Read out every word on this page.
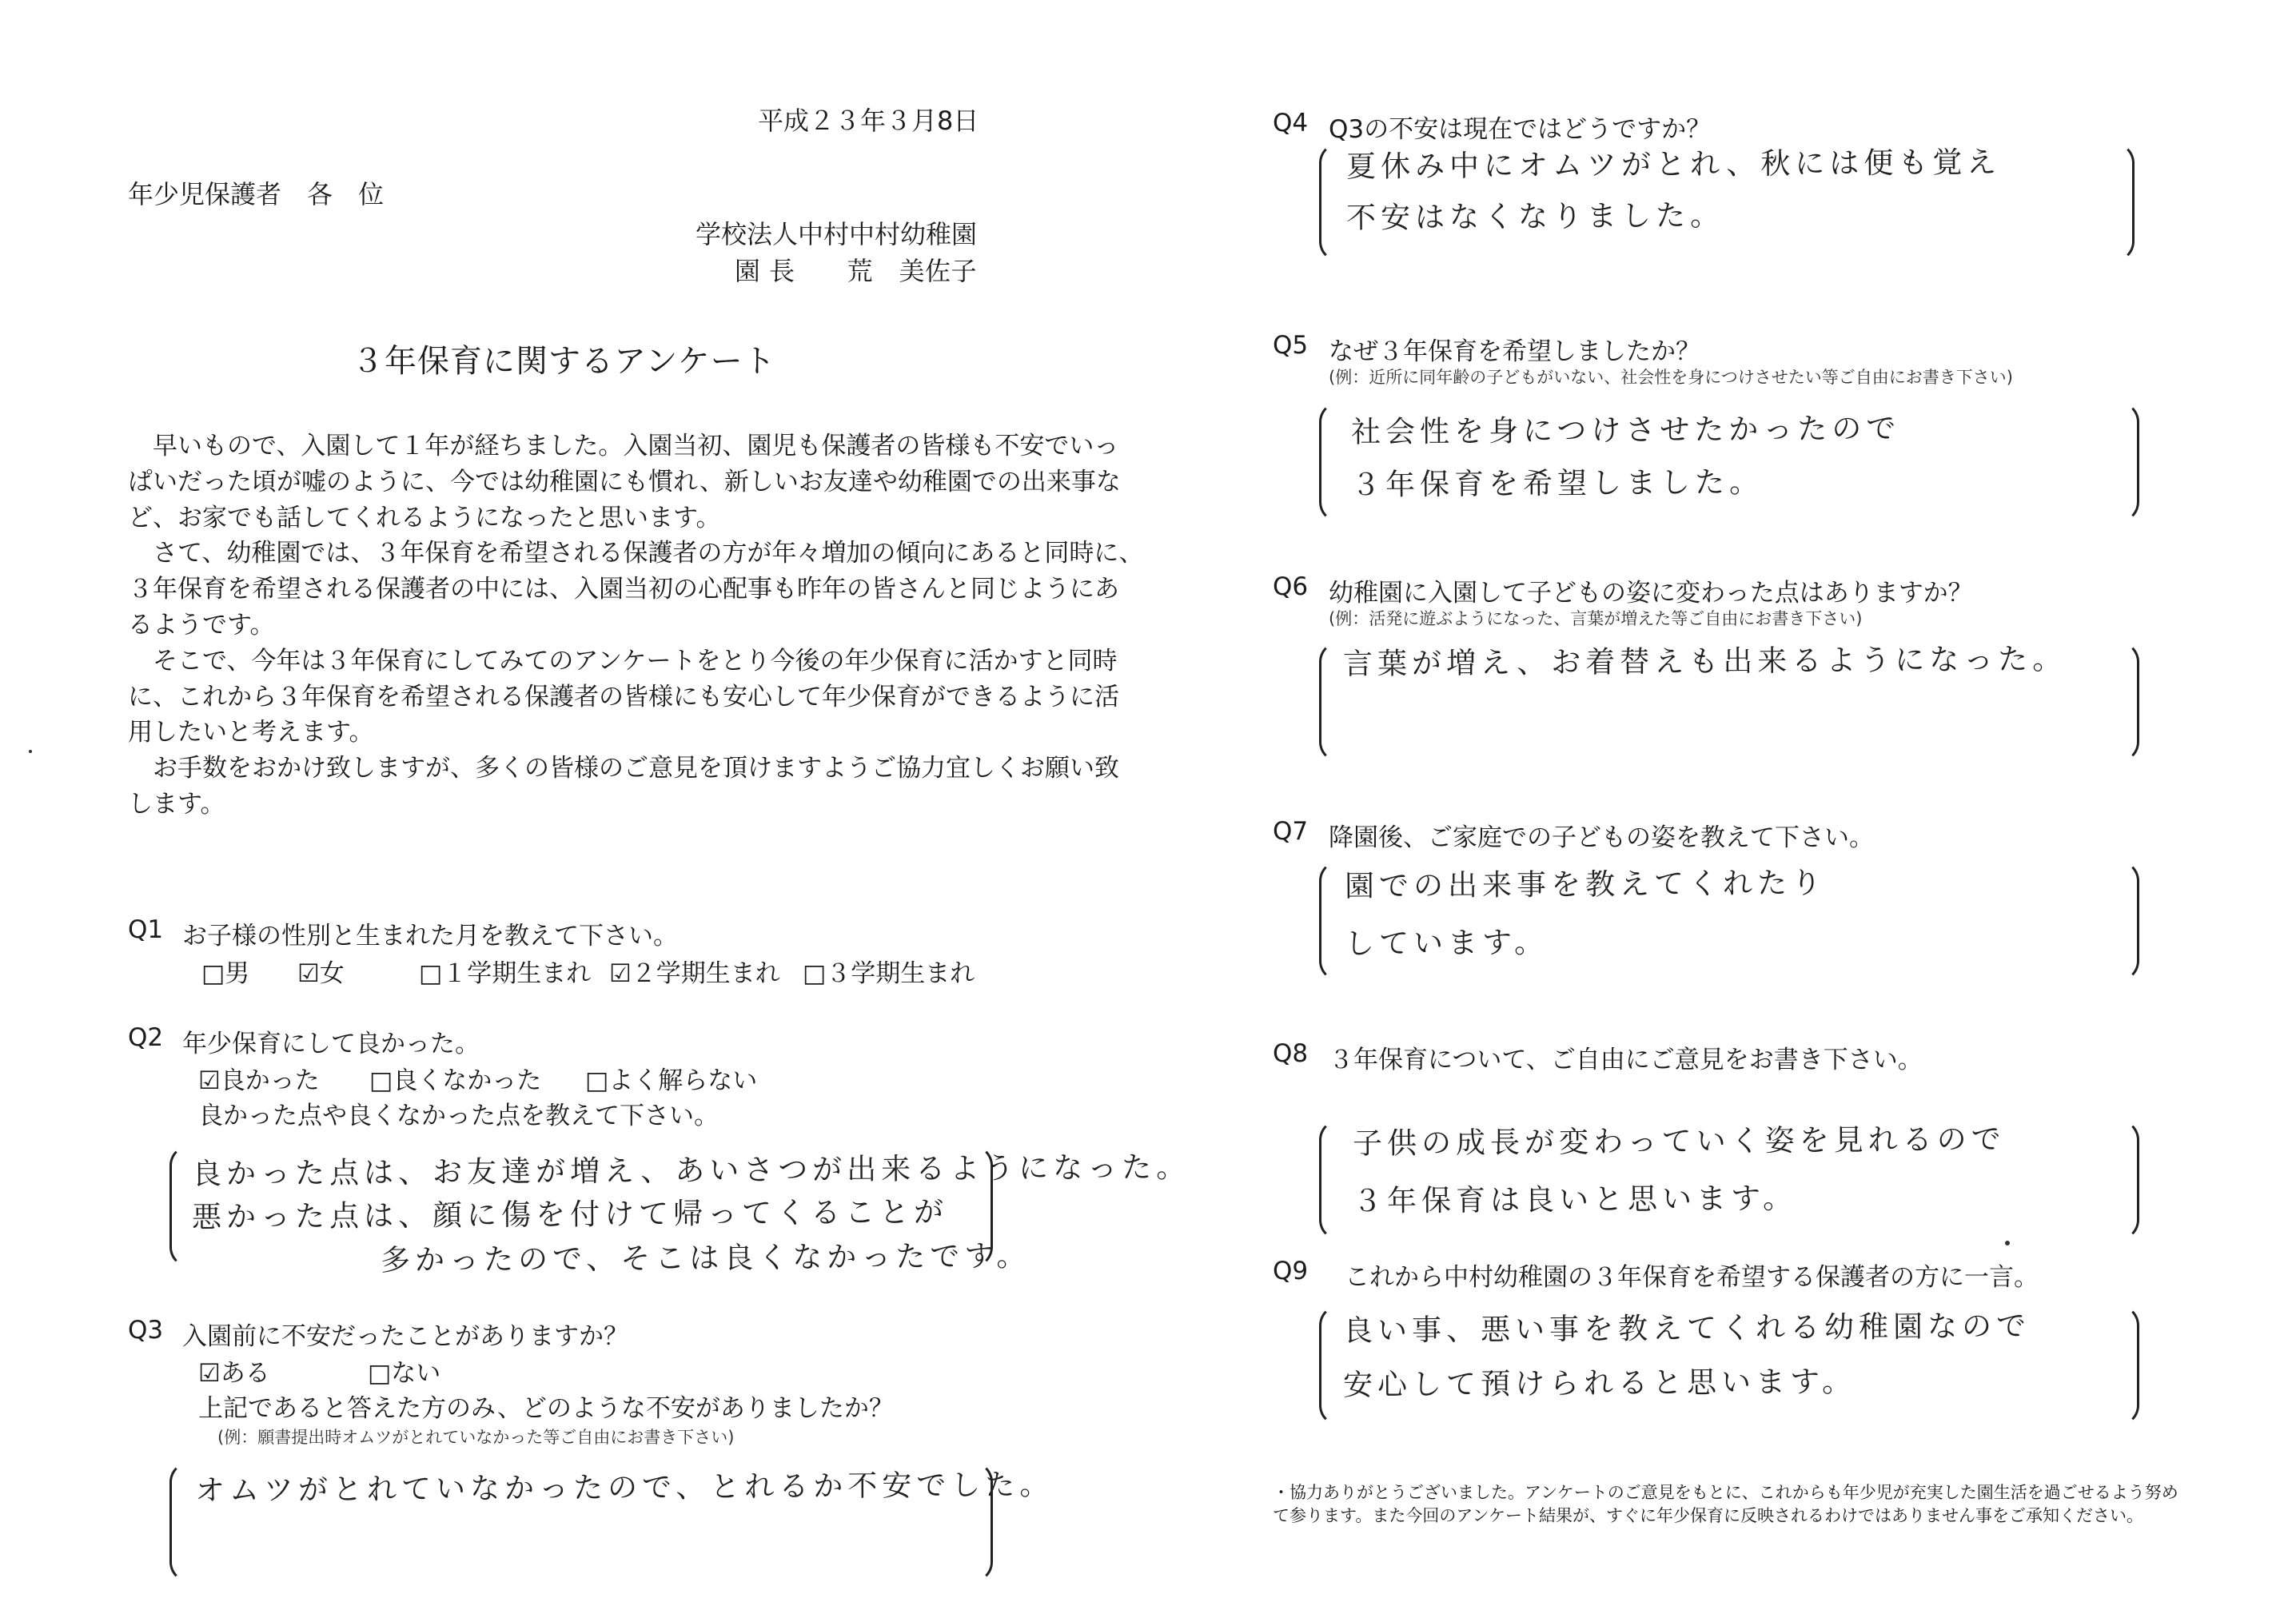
平成２３年３月8日
年少児保護者　各　位
学校法人中村中村幼稚園
園 長　　荒　美佐子
３年保育に関するアンケート
　早いもので、入園して１年が経ちました。入園当初、園児も保護者の皆様も不安でいっ
ぱいだった頃が嘘のように、今では幼稚園にも慣れ、新しいお友達や幼稚園での出来事な
ど、お家でも話してくれるようになったと思います。
　さて、幼稚園では、３年保育を希望される保護者の方が年々増加の傾向にあると同時に、
３年保育を希望される保護者の中には、入園当初の心配事も昨年の皆さんと同じようにあ
るようです。
　そこで、今年は３年保育にしてみてのアンケートをとり今後の年少保育に活かすと同時
に、これから３年保育を希望される保護者の皆様にも安心して年少保育ができるように活
用したいと考えます。
　お手数をおかけ致しますが、多くの皆様のご意見を頂けますようご協力宜しくお願い致
します。
Q1 お子様の性別と生まれた月を教えて下さい。
□男 ☑女	□１学期生まれ ☑２学期生まれ □３学期生まれ
Q2 年少保育にして良かった。
☑良かった □良くなかった □よく解らない
良かった点や良くなかった点を教えて下さい。
良かった点は、お友達が増え、あいさつが出来るようになった。
悪かった点は、顔に傷を付けて帰ってくることが
多かったので、そこは良くなかったです。
Q3 入園前に不安だったことがありますか？
☑ある	□ない
上記であると答えた方のみ、どのような不安がありましたか？
(例：願書提出時オムツがとれていなかった等ご自由にお書き下さい)
オムツがとれていなかったので、とれるか不安でした。
Q4 Q3の不安は現在ではどうですか？
夏休み中にオムツがとれ、秋には便も覚え
不安はなくなりました。
Q5 なぜ３年保育を希望しましたか？
(例：近所に同年齢の子どもがいない、社会性を身につけさせたい等ご自由にお書き下さい)
社会性を身につけさせたかったので
３年保育を希望しました。
Q6 幼稚園に入園して子どもの姿に変わった点はありますか？
(例：活発に遊ぶようになった、言葉が増えた等ご自由にお書き下さい)
言葉が増え、お着替えも出来るようになった。
Q7 降園後、ご家庭での子どもの姿を教えて下さい。
園での出来事を教えてくれたり
しています。
Q8 ３年保育について、ご自由にご意見をお書き下さい。
子供の成長が変わっていく姿を見れるので
３年保育は良いと思います。
Q9 これから中村幼稚園の３年保育を希望する保護者の方に一言。
良い事、悪い事を教えてくれる幼稚園なので
安心して預けられると思います。
・協力ありがとうございました。アンケートのご意見をもとに、これからも年少児が充実した園生活を過ごせるよう努めて参ります。また今回のアンケート結果が、すぐに年少保育に反映されるわけではありません事をご承知ください。
